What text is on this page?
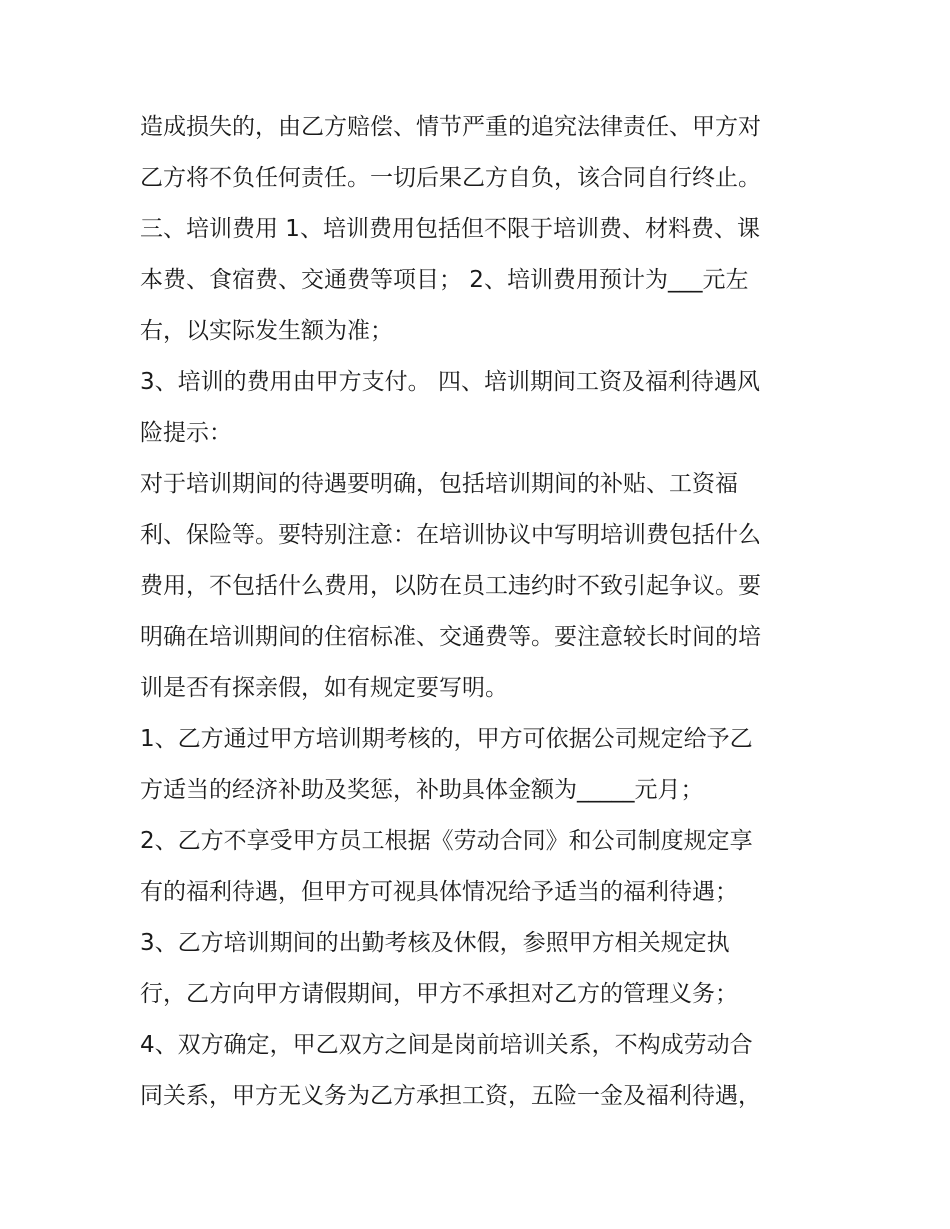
造成损失的，由乙方赔偿、情节严重的追究法律责任、甲方对
乙方将不负任何责任。一切后果乙方自负，该合同自行终止。
三、培训费用 1、培训费用包括但不限于培训费、材料费、课
本费、食宿费、交通费等项目； 2、培训费用预计为___元左
右，以实际发生额为准；
3、培训的费用由甲方支付。 四、培训期间工资及福利待遇风
险提示：
对于培训期间的待遇要明确，包括培训期间的补贴、工资福
利、保险等。要特别注意：在培训协议中写明培训费包括什么
费用，不包括什么费用，以防在员工违约时不致引起争议。要
明确在培训期间的住宿标准、交通费等。要注意较长时间的培
训是否有探亲假，如有规定要写明。
1、乙方通过甲方培训期考核的，甲方可依据公司规定给予乙
方适当的经济补助及奖惩，补助具体金额为_____元月；
2、乙方不享受甲方员工根据《劳动合同》和公司制度规定享
有的福利待遇，但甲方可视具体情况给予适当的福利待遇；
3、乙方培训期间的出勤考核及休假，参照甲方相关规定执
行，乙方向甲方请假期间，甲方不承担对乙方的管理义务；
4、双方确定，甲乙双方之间是岗前培训关系，不构成劳动合
同关系，甲方无义务为乙方承担工资，五险一金及福利待遇，
